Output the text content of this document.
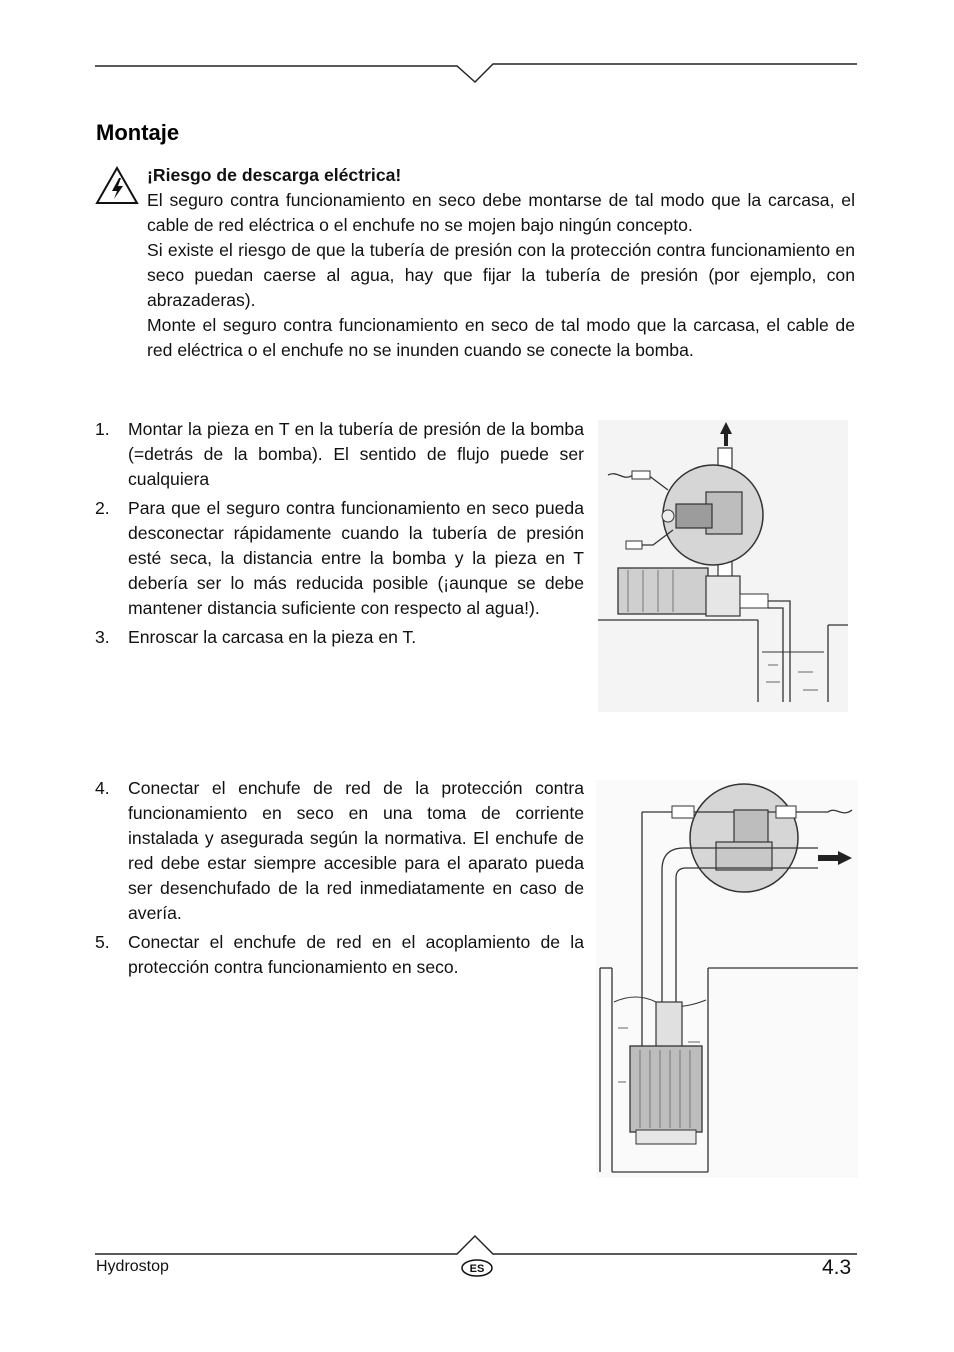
Montaje

¡Riesgo de descarga eléctrica!

El seguro contra funcionamiento en seco debe montarse de tal modo que la carcasa, el cable de red eléctrica o el enchufe no se mojen bajo ningún concepto.

Si existe el riesgo de que la tubería de presión con la protección contra funcionamiento en seco puedan caerse al agua, hay que fijar la tubería de presión (por ejemplo, con abrazaderas).

Monte el seguro contra funcionamiento en seco de tal modo que la carcasa, el cable de red eléctrica o el enchufe no se inunden cuando se conecte la bomba.

1. Montar la pieza en T en la tubería de presión de la bomba (=detrás de la bomba). El sentido de flujo puede ser cualquiera
2. Para que el seguro contra funcionamiento en seco pueda desconectar rápidamente cuando la tubería de presión esté seca, la distancia entre la bomba y la pieza en T debería ser lo más reducida posible (¡aunque se debe mantener distancia suficiente con respecto al agua!).
3. Enroscar la carcasa en la pieza en T.
4. Conectar el enchufe de red de la protección contra funcionamiento en seco en una toma de corriente instalada y asegurada según la normativa. El enchufe de red debe estar siempre accesible para el aparato pueda ser desenchufado de la red inmediatamente en caso de avería.
5. Conectar el enchufe de red en el acoplamiento de la protección contra funcionamiento en seco.
Hydrostop	ES	4.3
